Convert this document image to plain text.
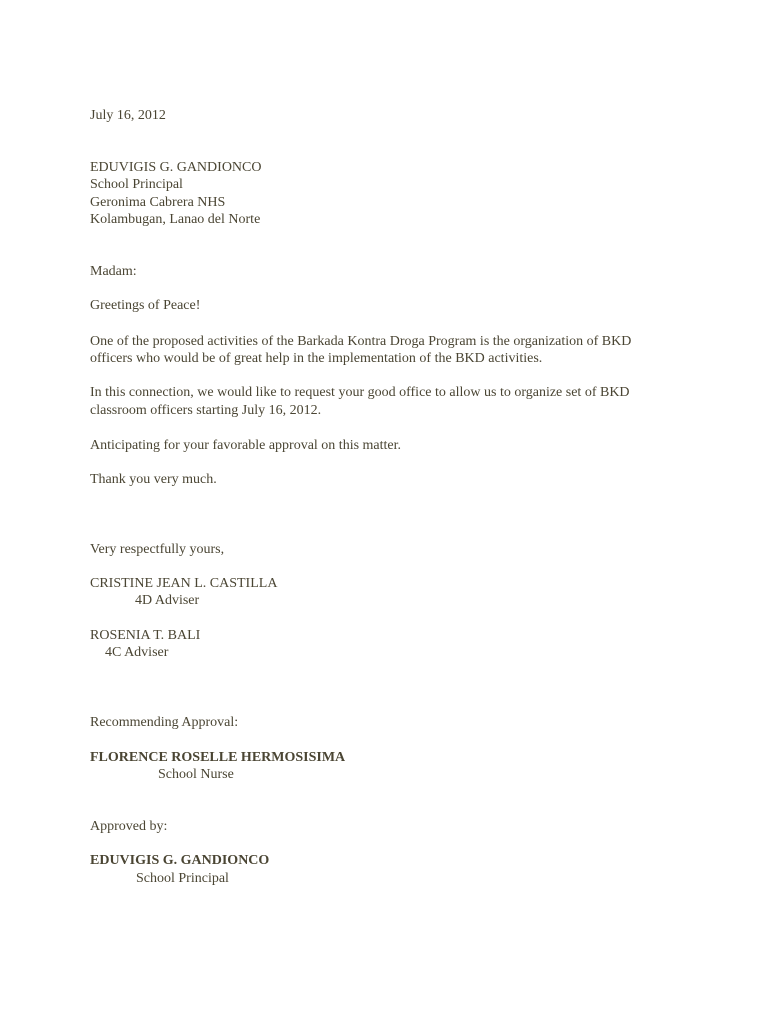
July 16, 2012
EDUVIGIS G. GANDIONCO
School Principal
Geronima Cabrera NHS
Kolambugan, Lanao del Norte
Madam:
Greetings of Peace!
One of the proposed activities of the Barkada Kontra Droga Program is the organization of BKD
officers who would be of great help in the implementation of the BKD activities.
In this connection, we would like to request your good office to allow us to organize set of BKD
classroom officers starting July 16, 2012.
Anticipating for your favorable approval on this matter.
Thank you very much.
Very respectfully yours,
CRISTINE JEAN L. CASTILLA
4D Adviser
ROSENIA T. BALI
4C Adviser
Recommending Approval:
FLORENCE ROSELLE HERMOSISIMA
School Nurse
Approved by:
EDUVIGIS G. GANDIONCO
School Principal
